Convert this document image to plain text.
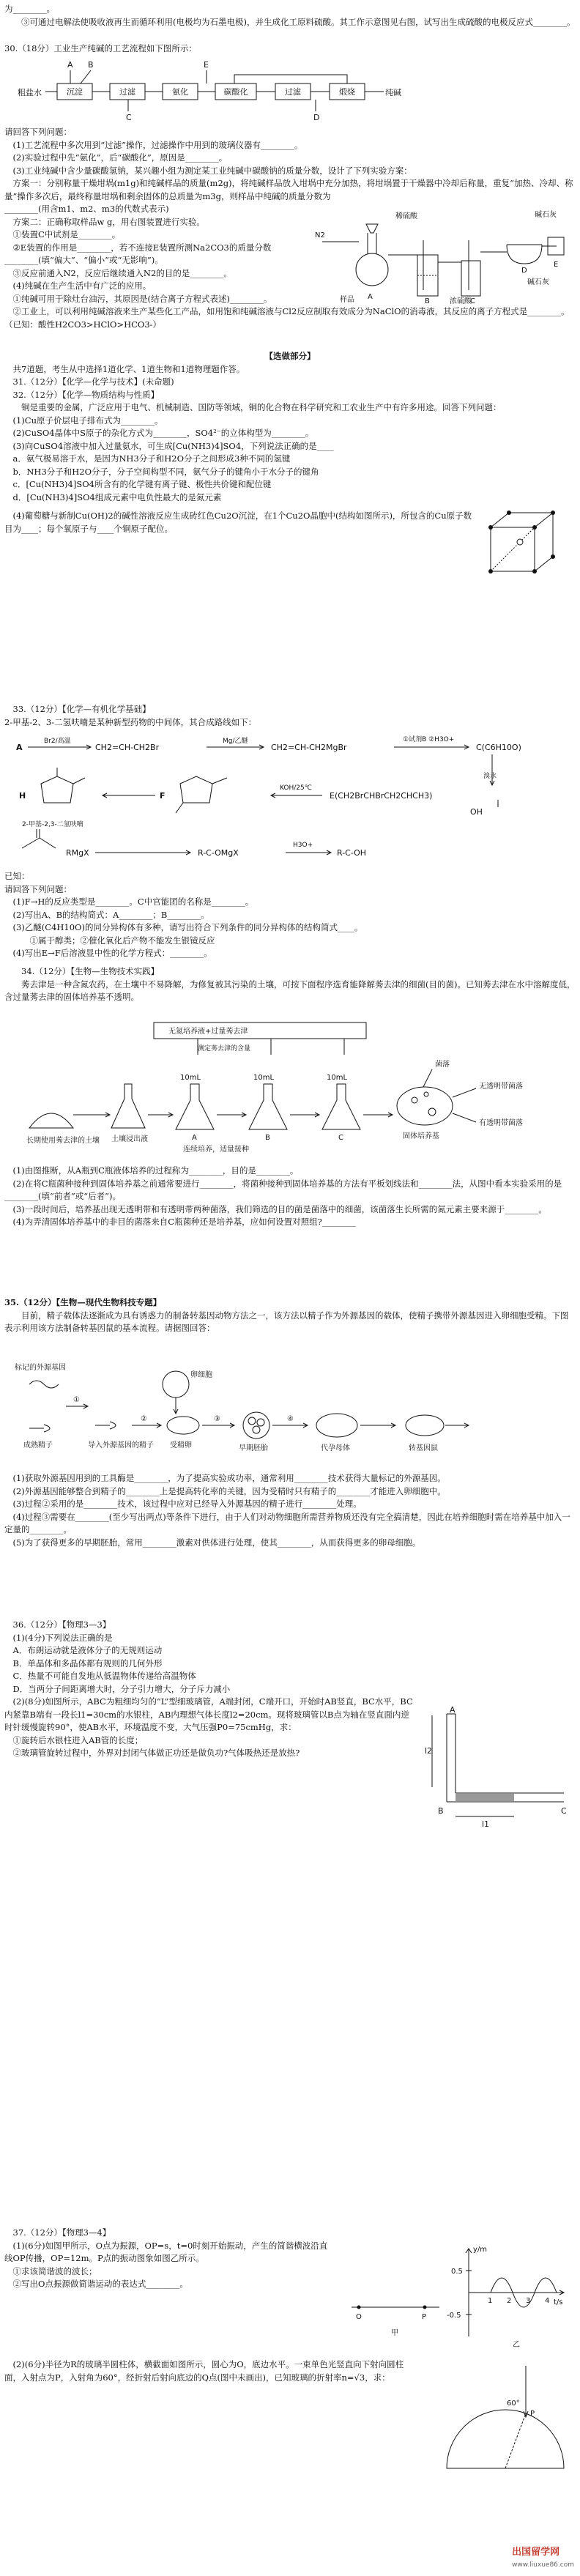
为________。

③可通过电解法使吸收液再生而循环利用(电极均为石墨电极)，并生成化工原料硫酸。其工作示意图见右图，试写出生成硫酸的电极反应式________。

30.（18分）工业生产纯碱的工艺流程如下图所示：

粗盐水	纯碱
A B	E
C	D
沉淀	过滤	氨化	碳酸化	过滤	煅烧

请回答下列问题：

(1)工艺流程中多次用到“过滤”操作，过滤操作中用到的玻璃仪器有________。

(2)实验过程中先“氨化”，后“碳酸化”，原因是________。

(3)工业纯碱中含少量碳酸氢钠，某兴趣小组为测定某工业纯碱中碳酸钠的质量分数，设计了下列实验方案：

方案一：分别称量干燥坩埚(m1g)和纯碱样品的质量(m2g)，将纯碱样品放入坩埚中充分加热，将坩埚置于干燥器中冷却后称量，重复“加热、冷却、称量”操作多次后，最终称量坩埚和剩余固体的总质量为m3g，则样品中纯碱的质量分数为

________(用含m1、m2、m3的代数式表示)

方案二：正确称取样品w g，用右图装置进行实验。

①装置C中试剂是________。

②E装置的作用是________，若不连接E装置所测Na2CO3的质量分数________(填“偏大”、“偏小”或“无影响”)。

③反应前通入N2，反应后继续通入N2的目的是________。

(4)纯碱在生产生活中有广泛的应用。

①纯碱可用于除灶台油污，其原因是(结合离子方程式表述)________。

②工业上，可以利用纯碱溶液来生产某些化工产品，如用饱和纯碱溶液与Cl2反应制取有效成分为NaClO的消毒液，其反应的离子方程式是________。（已知：酸性H2CO3>HClO>HCO3-）

稀硫酸	碱石灰
碱石灰
N2
样品	浓硫酸
A
B	C
D
E

【选做部分】

共7道题，考生从中选择1道化学、1道生物和1道物理题作答。

31.（12分）【化学—化学与技术】(未命题)

32.（12分）【化学—物质结构与性质】

铜是重要的金属，广泛应用于电气、机械制造、国防等领域，铜的化合物在科学研究和工农业生产中有许多用途。回答下列问题：

(1)Cu原子价层电子排布式为________。

(2)CuSO4晶体中S原子的杂化方式为________，SO4²⁻的立体构型为________。

(3)向CuSO4溶液中加入过量氨水，可生成[Cu(NH3)4]SO4，下列说法正确的是____

a．氨气极易溶于水，是因为NH3分子和H2O分子之间形成3种不同的氢键

b．NH3分子和H2O分子，分子空间构型不同，氨气分子的键角小于水分子的键角

c．[Cu(NH3)4]SO4所含有的化学键有离子键、极性共价键和配位键

d．[Cu(NH3)4]SO4组成元素中电负性最大的是氮元素

(4)葡萄糖与新制Cu(OH)2的碱性溶液反应生成砖红色Cu2O沉淀，在1个Cu2O晶胞中(结构如图所示)，所包含的Cu原子数目为____；每个氧原子与____个铜原子配位。

33.（12分）【化学—有机化学基础】

2-甲基-2、3-二氢呋喃是某种新型药物的中间体，其合成路线如下：

A
Br2/高温
CH2=CH-CH2Br
Mg/乙醚
CH2=CH-CH2MgBr
①试剂B ②H3O+
C(C6H10O)
H	F
KOH/25℃
E(CH2BrCHBrCH2CHCH3)
溴水
OH
2-甲基-2,3-二氢呋喃
RMgX	R-C-OMgX
H3O+
R-C-OH

已知：

请回答下列问题：

(1)F→H的反应类型是________。C中官能团的名称是________。

(2)写出A、B的结构简式：A________；B________。

(3)乙醚(C4H10O)的同分异构体有多种，请写出符合下列条件的同分异构体的结构简式____。

①属于醇类；②催化氧化后产物不能发生银镜反应

(4)写出E→F后溶液显中性的化学方程式：________。

34.（12分）【生物—生物技术实践】

莠去津是一种含氮农药，在土壤中不易降解，为修复被其污染的土壤，可按下面程序选育能降解莠去津的细菌(目的菌)。已知莠去津在水中溶解度低，含过量莠去津的固体培养基不透明。

无氮培养液+过量莠去津
长期使用莠去津的土壤 土壤浸出液
10mL	10mL	10mL
A	B	C	固体培养基
菌落
无透明带菌落
有透明带菌落
连续培养，适量接种
测定莠去津的含量

(1)由图推断，从A瓶到C瓶液体培养的过程称为________，目的是________。

(2)在将C瓶菌种接种到固体培养基之前通常要进行________，将菌种接种到固体培养基的方法有平板划线法和________法，从图中看本实验采用的是________(填“前者”或“后者”)。

(3)一段时间后，培养基出现无透明带和有透明带两种菌落，我们筛选的目的菌是菌落中的细菌，该菌落生长所需的氮元素主要来源于________。

(4)为弄清固体培养基中的非目的菌落来自C瓶菌种还是培养基，应如何设置对照组?________

35.（12分）【生物—现代生物科技专题】

目前，精子载体法逐渐成为具有诱惑力的制备转基因动物方法之一，该方法以精子作为外源基因的载体，使精子携带外源基因进入卵细胞受精。下图表示利用该方法制备转基因鼠的基本流程。请据图回答：

标记的外源基因
成熟精子	导入外源基因的精子
卵细胞
受精卵	早期胚胎	代孕母体	转基因鼠
①
②	③	④

(1)获取外源基因用到的工具酶是________，为了提高实验成功率，通常利用________技术获得大量标记的外源基因。

(2)外源基因能够整合到精子的________上是提高转化率的关键，因为受精时只有精子的________才能进入卵细胞中。

(3)过程②采用的是________技术，该过程中应对已经导入外源基因的精子进行________处理。

(4)过程③需要在________(至少写出两点)等条件下进行，由于人们对动物细胞所需营养物质还没有完全搞清楚，因此在培养细胞时需在培养基中加入一定量的________。

(5)为了获得更多的早期胚胎，常用________激素对供体进行处理，使其________，从而获得更多的卵母细胞。

36.（12分）【物理3—3】

(1)(4分)下列说法正确的是

A．布朗运动就是液体分子的无规则运动

B．单晶体和多晶体都有规则的几何外形

C．热量不可能自发地从低温物体传递给高温物体

D．当两分子间距离增大时，分子引力增大，分子斥力减小

(2)(8分)如图所示，ABC为粗细均匀的“L”型细玻璃管，A端封闭，C端开口，开始时AB竖直，BC水平，BC内紧靠B端有一段长l1=30cm的水银柱，AB内理想气体长度l2=20cm。现将玻璃管以B点为轴在竖直面内逆时针缓慢旋转90°，使AB水平，环境温度不变，大气压强P0=75cmHg，求：

①旋转后水银柱进入AB管的长度；

②玻璃管旋转过程中，外界对封闭气体做正功还是做负功?气体吸热还是放热?

A
B	C
l2
l1

37.（12分）【物理3—4】

(1)(6分)如图甲所示，O点为振源，OP=s，t=0时刻开始振动，产生的简谐横波沿直线OP传播，OP=12m。P点的振动图象如图乙所示。

①求该简谐波的波长；

②写出O点振源做简谐运动的表达式________。

O	P
y/m
0.5
-0.5
t/s
1 2 3 4
甲
乙

(2)(6分)半径为R的玻璃半圆柱体，横截面如图所示，圆心为O，底边水平。一束单色光竖直向下射向圆柱面，入射点为P，入射角为60°，经折射后射向底边的Q点(图中未画出)，已知玻璃的折射率n=√3，求：

60°
P
出国留学网
www.liuxue86.com
